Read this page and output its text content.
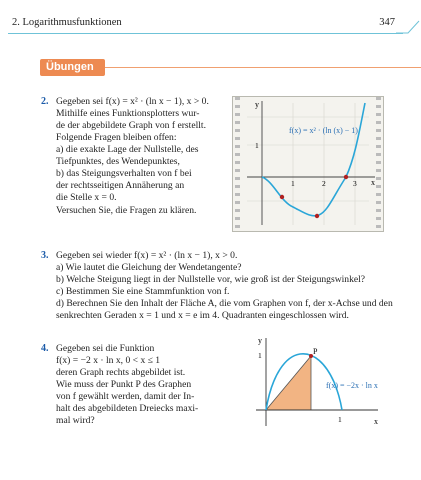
2. Logarithmusfunktionen	347
Übungen
2. Gegeben sei f(x) = x² · (ln x − 1), x > 0.
Mithilfe eines Funktionsplotters wur-
de der abgebildete Graph von f erstellt.
Folgende Fragen bleiben offen:
a) die exakte Lage der Nullstelle, des
Tiefpunktes, des Wendepunktes,
b) das Steigungsverhalten von f bei
der rechtsseitigen Annäherung an
die Stelle x = 0.
Versuchen Sie, die Fragen zu klären.
f(x) = x² · (ln (x) − 1)
y
x
1
1	2	3
3. Gegeben sei wieder f(x) = x² · (ln x − 1), x > 0.
a) Wie lautet die Gleichung der Wendetangente?
b) Welche Steigung liegt in der Nullstelle vor, wie groß ist der Steigungswinkel?
c) Bestimmen Sie eine Stammfunktion von f.
d) Berechnen Sie den Inhalt der Fläche A, die vom Graphen von f, der x-Achse und den
senkrechten Geraden x = 1 und x = e im 4. Quadranten eingeschlossen wird.
4. Gegeben sei die Funktion
f(x) = −2 x · ln x, 0 < x ≤ 1
deren Graph rechts abgebildet ist.
Wie muss der Punkt P des Graphen
von f gewählt werden, damit der In-
halt des abgebildeten Dreiecks maxi-
mal wird?
P
f(x) = −2x · ln x
y
x
1
1
